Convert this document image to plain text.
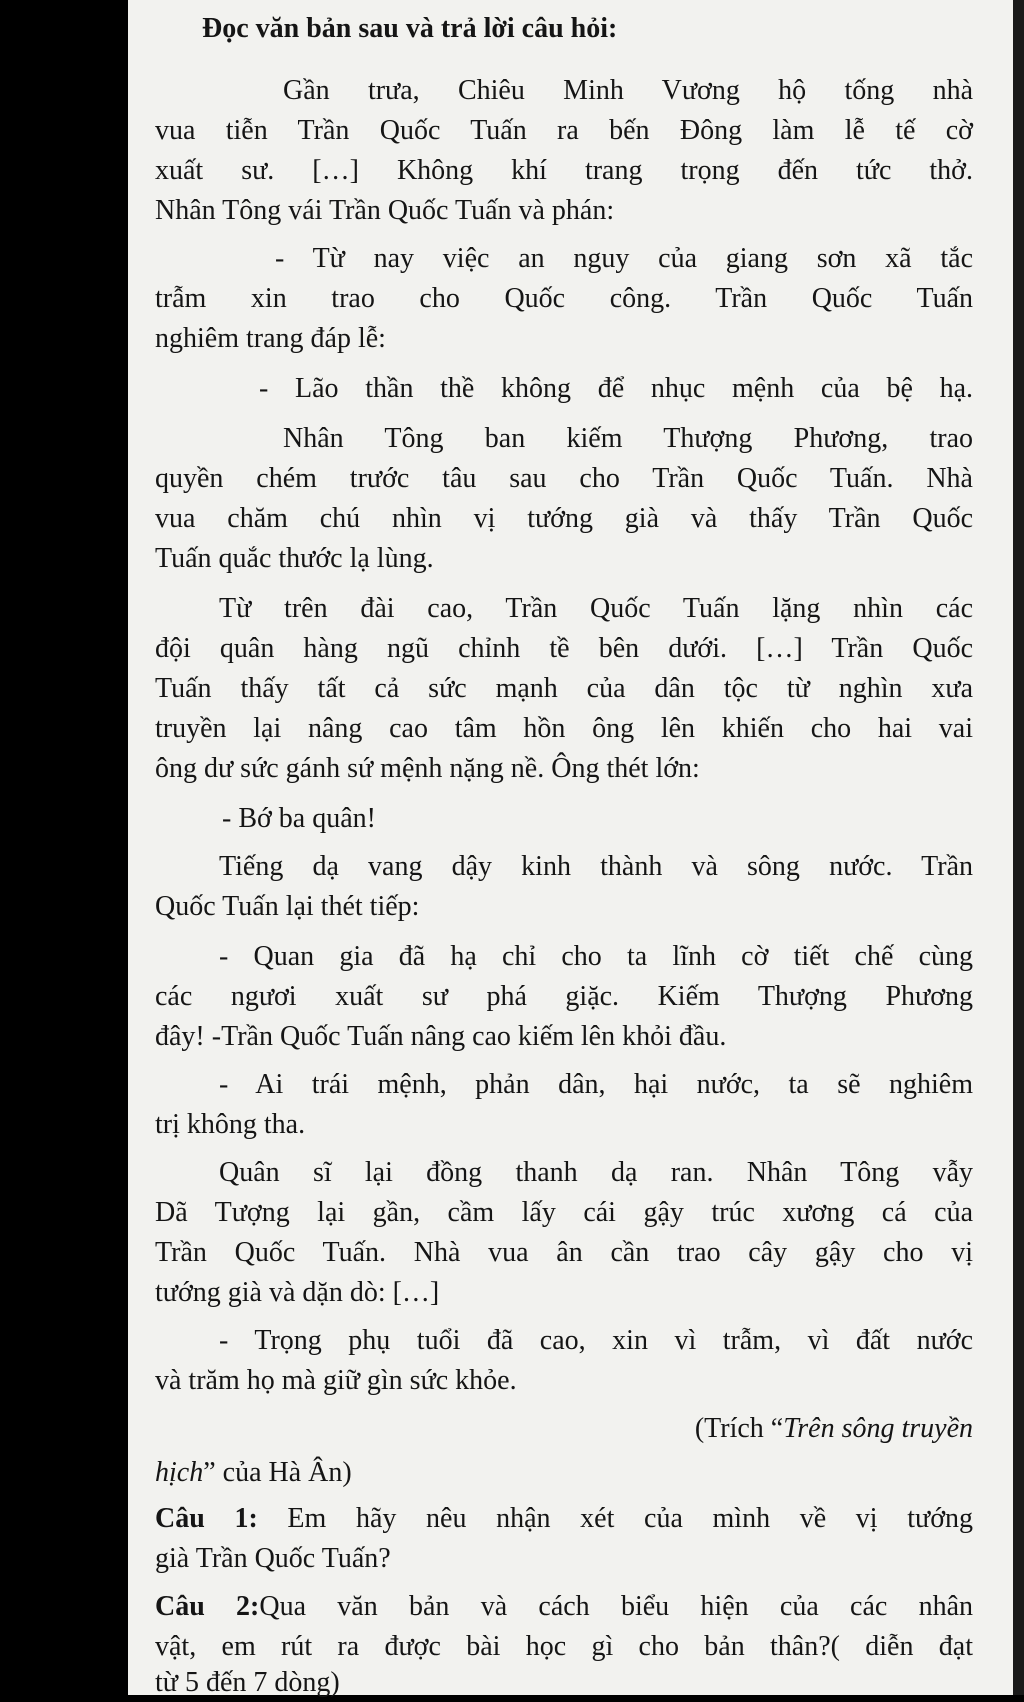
Đọc văn bản sau và trả lời câu hỏi:
Gần trưa, Chiêu Minh Vương hộ tống nhà
vua tiễn Trần Quốc Tuấn ra bến Đông làm lễ tế cờ
xuất sư. […] Không khí trang trọng đến tức thở.
Nhân Tông vái Trần Quốc Tuấn và phán:
- Từ nay việc an nguy của giang sơn xã tắc
trẫm xin trao cho Quốc công. Trần Quốc Tuấn
nghiêm trang đáp lễ:
- Lão thần thề không để nhục mệnh của bệ hạ.
Nhân Tông ban kiếm Thượng Phương, trao
quyền chém trước tâu sau cho Trần Quốc Tuấn. Nhà
vua chăm chú nhìn vị tướng già và thấy Trần Quốc
Tuấn quắc thước lạ lùng.
Từ trên đài cao, Trần Quốc Tuấn lặng nhìn các
đội quân hàng ngũ chỉnh tề bên dưới. […] Trần Quốc
Tuấn thấy tất cả sức mạnh của dân tộc từ nghìn xưa
truyền lại nâng cao tâm hồn ông lên khiến cho hai vai
ông dư sức gánh sứ mệnh nặng nề. Ông thét lớn:
- Bớ ba quân!
Tiếng dạ vang dậy kinh thành và sông nước. Trần
Quốc Tuấn lại thét tiếp:
- Quan gia đã hạ chỉ cho ta lĩnh cờ tiết chế cùng
các ngươi xuất sư phá giặc. Kiếm Thượng Phương
đây! -Trần Quốc Tuấn nâng cao kiếm lên khỏi đầu.
- Ai trái mệnh, phản dân, hại nước, ta sẽ nghiêm
trị không tha.
Quân sĩ lại đồng thanh dạ ran. Nhân Tông vẫy
Dã Tượng lại gần, cầm lấy cái gậy trúc xương cá của
Trần Quốc Tuấn. Nhà vua ân cần trao cây gậy cho vị
tướng già và dặn dò: […]
- Trọng phụ tuổi đã cao, xin vì trẫm, vì đất nước
và trăm họ mà giữ gìn sức khỏe.
(Trích “Trên sông truyền
hịch” của Hà Ân)
Câu 1: Em hãy nêu nhận xét của mình về vị tướng
già Trần Quốc Tuấn?
Câu 2:Qua văn bản và cách biểu hiện của các nhân
vật, em rút ra được bài học gì cho bản thân?( diễn đạt
từ 5 đến 7 dòng)
